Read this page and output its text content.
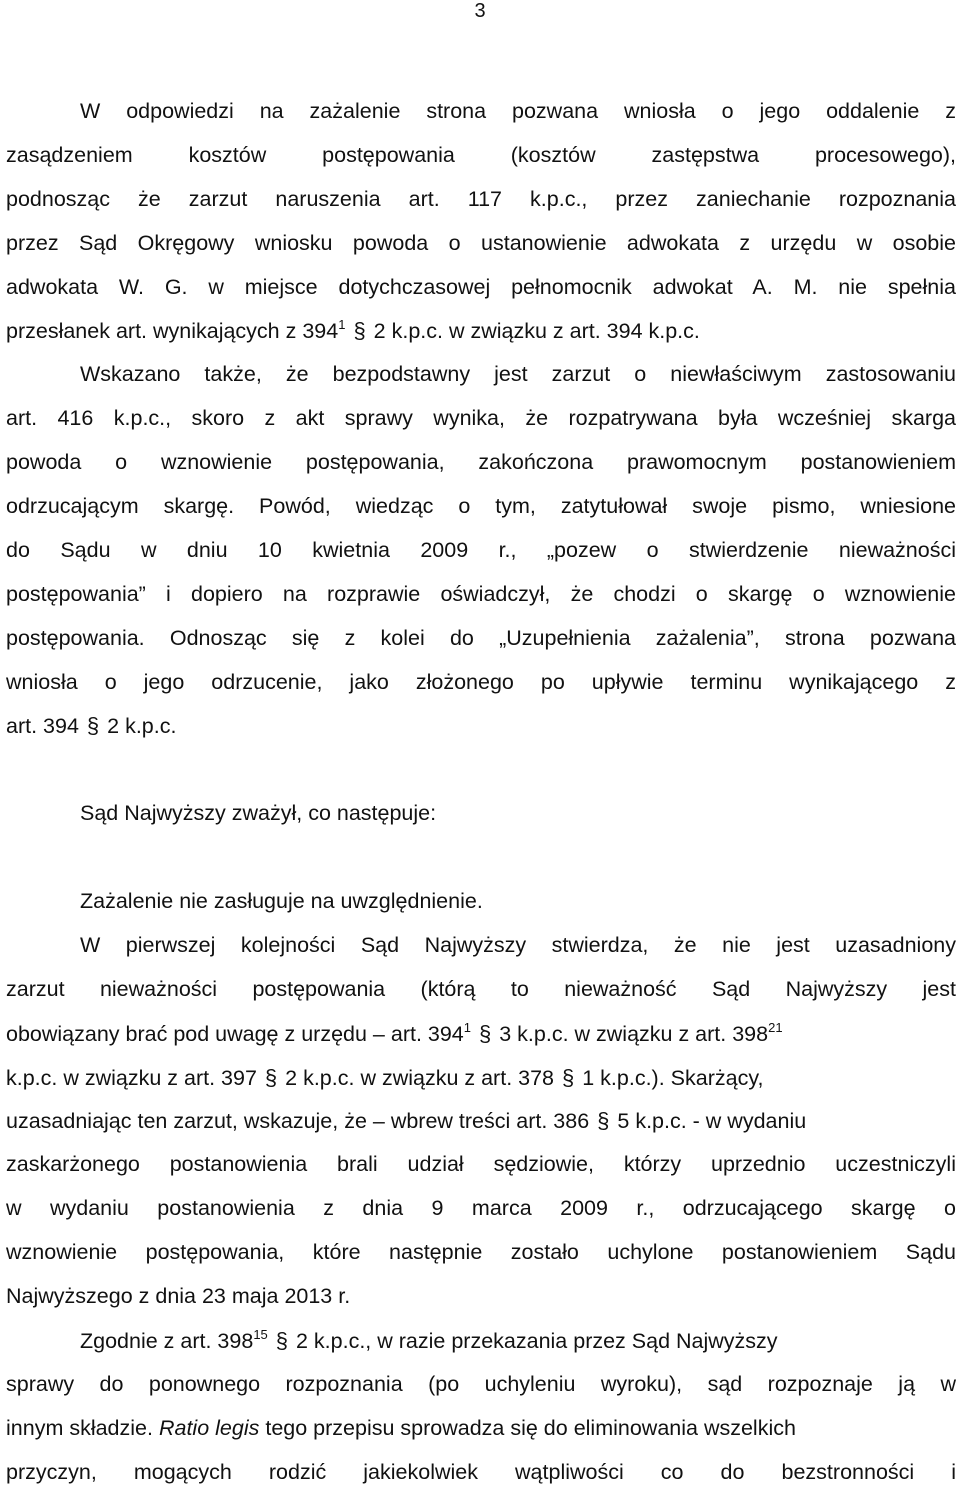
3
W odpowiedzi na zażalenie strona pozwana wniosła o jego oddalenie z
zasądzeniem kosztów postępowania (kosztów zastępstwa procesowego),
podnosząc że zarzut naruszenia art. 117 k.p.c., przez zaniechanie rozpoznania
przez Sąd Okręgowy wniosku powoda o ustanowienie adwokata z urzędu w osobie
adwokata W. G. w miejsce dotychczasowej pełnomocnik adwokat A. M. nie spełnia
przesłanek art. wynikających z $394^1$ § 2 k.p.c. w związku z art. 394 k.p.c.
Wskazano także, że bezpodstawny jest zarzut o niewłaściwym zastosowaniu
art. 416 k.p.c., skoro z akt sprawy wynika, że rozpatrywana była wcześniej skarga
powoda o wznowienie postępowania, zakończona prawomocnym postanowieniem
odrzucającym skargę. Powód, wiedząc o tym, zatytułował swoje pismo, wniesione
do Sądu w dniu 10 kwietnia 2009 r., „pozew o stwierdzenie nieważności
postępowania” i dopiero na rozprawie oświadczył, że chodzi o skargę o wznowienie
postępowania. Odnosząc się z kolei do „Uzupełnienia zażalenia”, strona pozwana
wniosła o jego odrzucenie, jako złożonego po upływie terminu wynikającego z
art. 394 § 2 k.p.c.
Sąd Najwyższy zważył, co następuje:
Zażalenie nie zasługuje na uwzględnienie.
W pierwszej kolejności Sąd Najwyższy stwierdza, że nie jest uzasadniony
zarzut nieważności postępowania (którą to nieważność Sąd Najwyższy jest
obowiązany brać pod uwagę z urzędu – art. $394^1$ § 3 k.p.c. w związku z art. $398^{21}$
k.p.c. w związku z art. 397 § 2 k.p.c. w związku z art. 378 § 1 k.p.c.). Skarżący,
uzasadniając ten zarzut, wskazuje, że – wbrew treści art. 386 § 5 k.p.c. - w wydaniu
zaskarżonego postanowienia brali udział sędziowie, którzy uprzednio uczestniczyli
w wydaniu postanowienia z dnia 9 marca 2009 r., odrzucającego skargę o
wznowienie postępowania, które następnie zostało uchylone postanowieniem Sądu
Najwyższego z dnia 23 maja 2013 r.
Zgodnie z art. $398^{15}$ § 2 k.p.c., w razie przekazania przez Sąd Najwyższy
sprawy do ponownego rozpoznania (po uchyleniu wyroku), sąd rozpoznaje ją w
innym składzie. Ratio legis tego przepisu sprowadza się do eliminowania wszelkich
przyczyn, mogących rodzić jakiekolwiek wątpliwości co do bezstronności i
